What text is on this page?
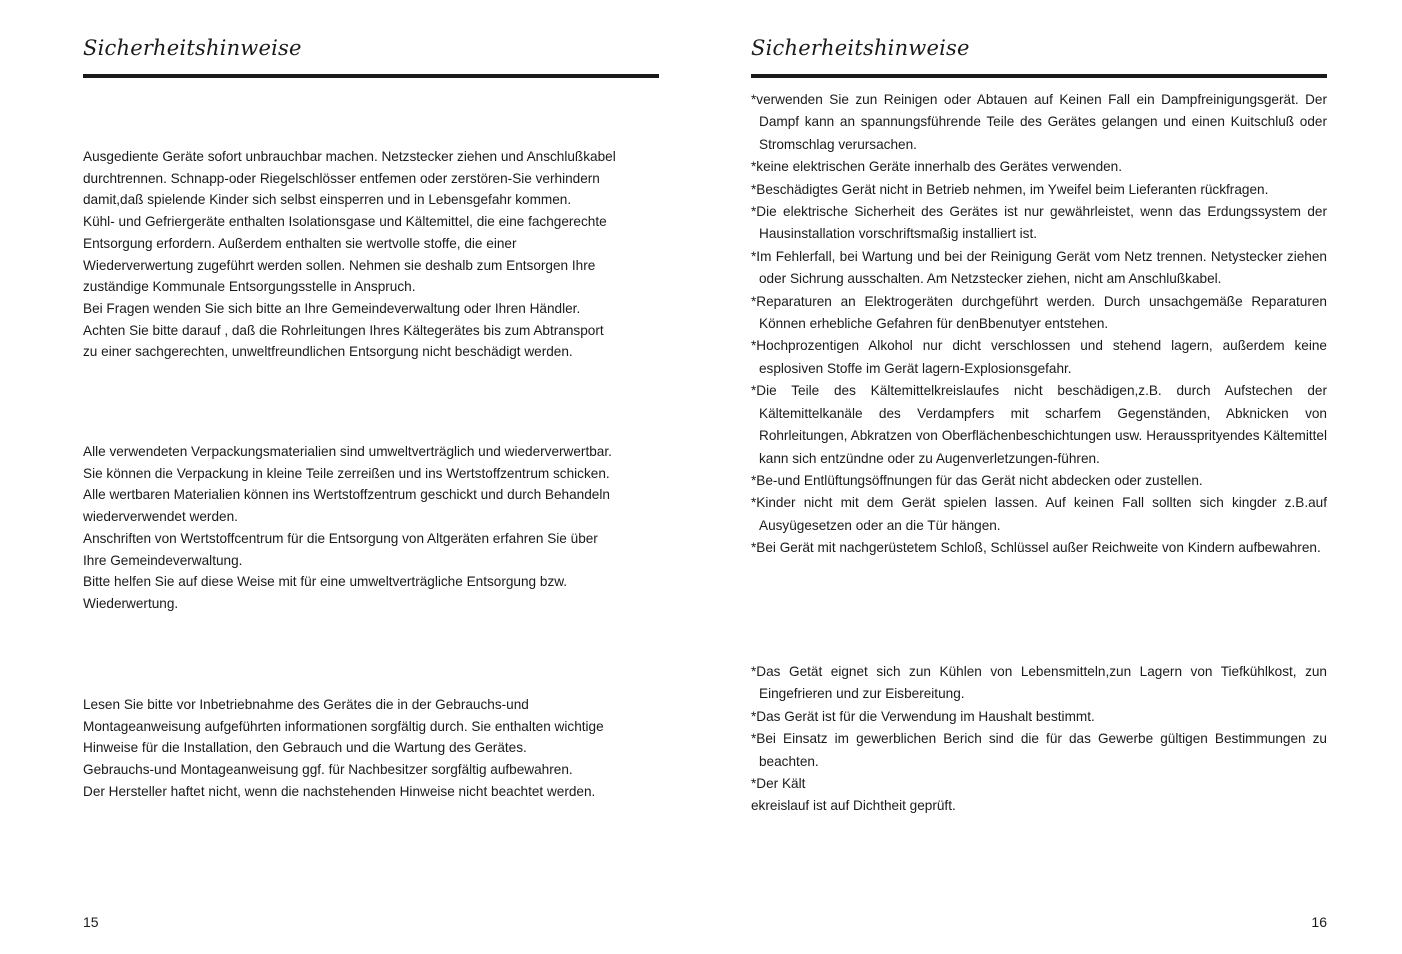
Sicherheitshinweise
Ausgediente Geräte sofort unbrauchbar machen. Netzstecker ziehen und Anschlußkabel
durchtrennen. Schnapp-oder Riegelschlösser entfemen oder zerstören-Sie verhindern
damit,daß spielende Kinder sich selbst einsperren und in Lebensgefahr kommen.
Kühl- und Gefriergeräte enthalten Isolationsgase und Kältemittel, die eine fachgerechte
Entsorgung erfordern. Außerdem enthalten sie wertvolle stoffe, die einer
Wiederverwertung zugeführt werden sollen. Nehmen sie deshalb zum Entsorgen Ihre
zuständige Kommunale Entsorgungsstelle in Anspruch.
Bei Fragen wenden Sie sich bitte an Ihre Gemeindeverwaltung oder Ihren Händler.
Achten Sie bitte darauf , daß die Rohrleitungen Ihres Kältegerätes bis zum Abtransport
zu einer sachgerechten, unweltfreundlichen Entsorgung nicht beschädigt werden.
Alle verwendeten Verpackungsmaterialien sind umweltverträglich und wiederverwertbar.
Sie können die Verpackung in kleine Teile zerreißen und ins Wertstoffzentrum schicken.
Alle wertbaren Materialien können ins Wertstoffzentrum geschickt und durch Behandeln
wiederverwendet werden.
Anschriften von Wertstoffcentrum für die Entsorgung von Altgeräten erfahren Sie über
Ihre Gemeindeverwaltung.
Bitte helfen Sie auf diese Weise mit für eine umweltverträgliche Entsorgung bzw.
Wiederwertung.
Lesen Sie bitte vor Inbetriebnahme des Gerätes die in der Gebrauchs-und
Montageanweisung aufgeführten informationen sorgfältig durch. Sie enthalten wichtige
Hinweise für die Installation, den Gebrauch und die Wartung des Gerätes.
Gebrauchs-und Montageanweisung ggf. für Nachbesitzer sorgfältig aufbewahren.
Der Hersteller haftet nicht, wenn die nachstehenden Hinweise nicht beachtet werden.
15
Sicherheitshinweise
*verwenden Sie zun Reinigen oder Abtauen auf Keinen Fall ein Dampfreinigungsgerät. Der Dampf kann an spannungsführende Teile des Gerätes gelangen und einen Kuitschluß oder Stromschlag verursachen.
*keine elektrischen Geräte innerhalb des Gerätes verwenden.
*Beschädigtes Gerät nicht in Betrieb nehmen, im Yweifel beim Lieferanten rückfragen.
*Die elektrische Sicherheit des Gerätes ist nur gewährleistet, wenn das Erdungssystem der Hausinstallation vorschriftsmaßig installiert ist.
*Im Fehlerfall, bei Wartung und bei der Reinigung Gerät vom Netz trennen. Netystecker ziehen oder Sichrung ausschalten. Am Netzstecker ziehen, nicht am Anschlußkabel.
*Reparaturen an Elektrogeräten durchgeführt werden. Durch unsachgemäße Reparaturen Können erhebliche Gefahren für denBbenutyer entstehen.
*Hochprozentigen Alkohol nur dicht verschlossen und stehend lagern, außerdem keine esplosiven Stoffe im Gerät lagern-Explosionsgefahr.
*Die Teile des Kältemittelkreislaufes nicht beschädigen,z.B. durch Aufstechen der Kältemittelkanäle des Verdampfers mit scharfem Gegenständen, Abknicken von Rohrleitungen, Abkratzen von Oberflächenbeschichtungen usw. Heraussprityendes Kältemittel kann sich entzündne oder zu Augenverletzungen-führen.
*Be-und Entlüftungsöffnungen für das Gerät nicht abdecken oder zustellen.
*Kinder nicht mit dem Gerät spielen lassen. Auf keinen Fall sollten sich kingder z.B.auf Ausyügesetzen oder an die Tür hängen.
*Bei Gerät mit nachgerüstetem Schloß, Schlüssel außer Reichweite von Kindern aufbewahren.
*Das Getät eignet sich zun Kühlen von Lebensmitteln,zun Lagern von Tiefkühlkost, zun Eingefrieren und zur Eisbereitung.
*Das Gerät ist für die Verwendung im Haushalt bestimmt.
*Bei Einsatz im gewerblichen Berich sind die für das Gewerbe gültigen Bestimmungen zu beachten.
*Der Kält
ekreislauf ist auf Dichtheit geprüft.
16
